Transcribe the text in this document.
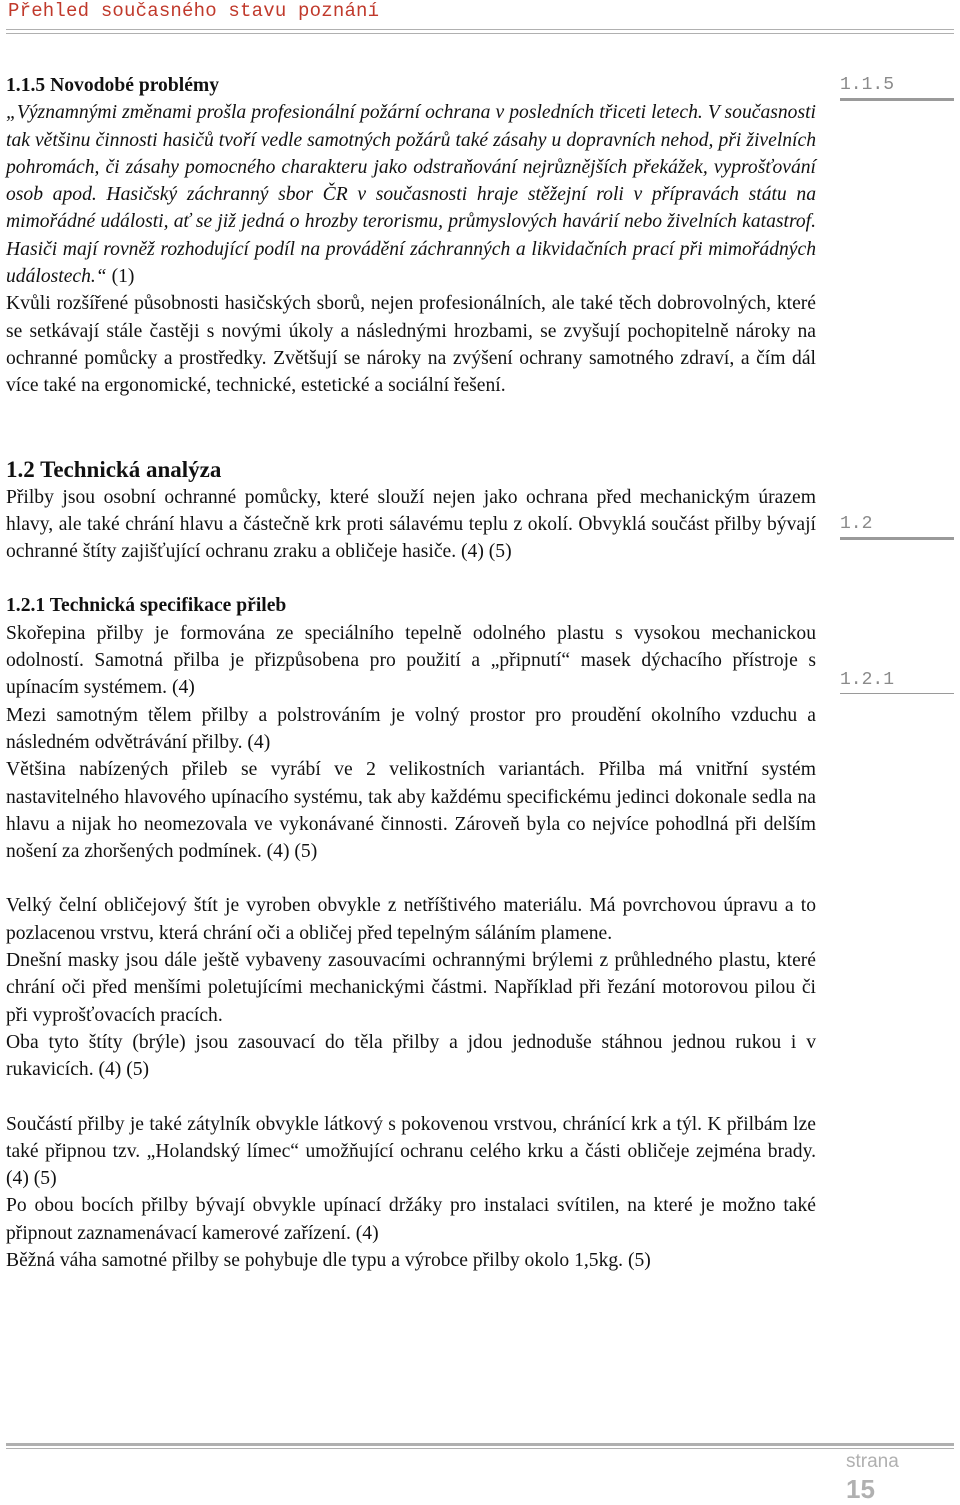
Přehled současného stavu poznání
1.1.5
1.2
1.2.1

1.1.5 Novodobé problémy

„Významnými změnami prošla profesionální požární ochrana v posledních třiceti letech. V současnosti tak většinu činnosti hasičů tvoří vedle samotných požárů také zásahy u dopravních nehod, při živelních pohromách, či zásahy pomocného charakteru jako odstraňování nejrůznějších překážek, vyprošťování osob apod. Hasičský záchranný sbor ČR v současnosti hraje stěžejní roli v přípravách státu na mimořádné události, ať se již jedná o hrozby terorismu, průmyslových havárií nebo živelních katastrof. Hasiči mají rovněž rozhodující podíl na provádění záchranných a likvidačních prací při mimořádných událostech.“ (1)

Kvůli rozšířené působnosti hasičských sborů, nejen profesionálních, ale také těch dobrovolných, které se setkávají stále častěji s novými úkoly a následnými hrozbami, se zvyšují pochopitelně nároky na ochranné pomůcky a prostředky. Zvětšují se nároky na zvýšení ochrany samotného zdraví, a čím dál více také na ergonomické, technické, estetické a sociální řešení.

1.2 Technická analýza

Přilby jsou osobní ochranné pomůcky, které slouží nejen jako ochrana před mechanickým úrazem hlavy, ale také chrání hlavu a částečně krk proti sálavému teplu z okolí. Obvyklá součást přilby bývají ochranné štíty zajišťující ochranu zraku a obličeje hasiče. (4) (5)

1.2.1 Technická specifikace přileb

Skořepina přilby je formována ze speciálního tepelně odolného plastu s vysokou mechanickou odolností. Samotná přilba je přizpůsobena pro použití a „připnutí“ masek dýchacího přístroje s upínacím systémem. (4)

Mezi samotným tělem přilby a polstrováním je volný prostor pro proudění okolního vzduchu a následném odvětrávání přilby. (4)

Většina nabízených přileb se vyrábí ve 2 velikostních variantách. Přilba má vnitřní systém nastavitelného hlavového upínacího systému, tak aby každému specifickému jedinci dokonale sedla na hlavu a nijak ho neomezovala ve vykonávané činnosti. Zároveň byla co nejvíce pohodlná při delším nošení za zhoršených podmínek. (4) (5)

Velký čelní obličejový štít je vyroben obvykle z netříštivého materiálu. Má povrchovou úpravu a to pozlacenou vrstvu, která chrání oči a obličej před tepelným sáláním plamene.

Dnešní masky jsou dále ještě vybaveny zasouvacími ochrannými brýlemi z průhledného plastu, které chrání oči před menšími poletujícími mechanickými částmi. Například při řezání motorovou pilou či při vyprošťovacích pracích.

Oba tyto štíty (brýle) jsou zasouvací do těla přilby a jdou jednoduše stáhnou jednou rukou i v rukavicích. (4) (5)

Součástí přilby je také zátylník obvykle látkový s pokovenou vrstvou, chránící krk a týl. K přilbám lze také připnou tzv. „Holandský límec“ umožňující ochranu celého krku a části obličeje zejména brady. (4) (5)

Po obou bocích přilby bývají obvykle upínací držáky pro instalaci svítilen, na které je možno také připnout zaznamenávací kamerové zařízení. (4)

Běžná váha samotné přilby se pohybuje dle typu a výrobce přilby okolo 1,5kg. (5)

strana
15
